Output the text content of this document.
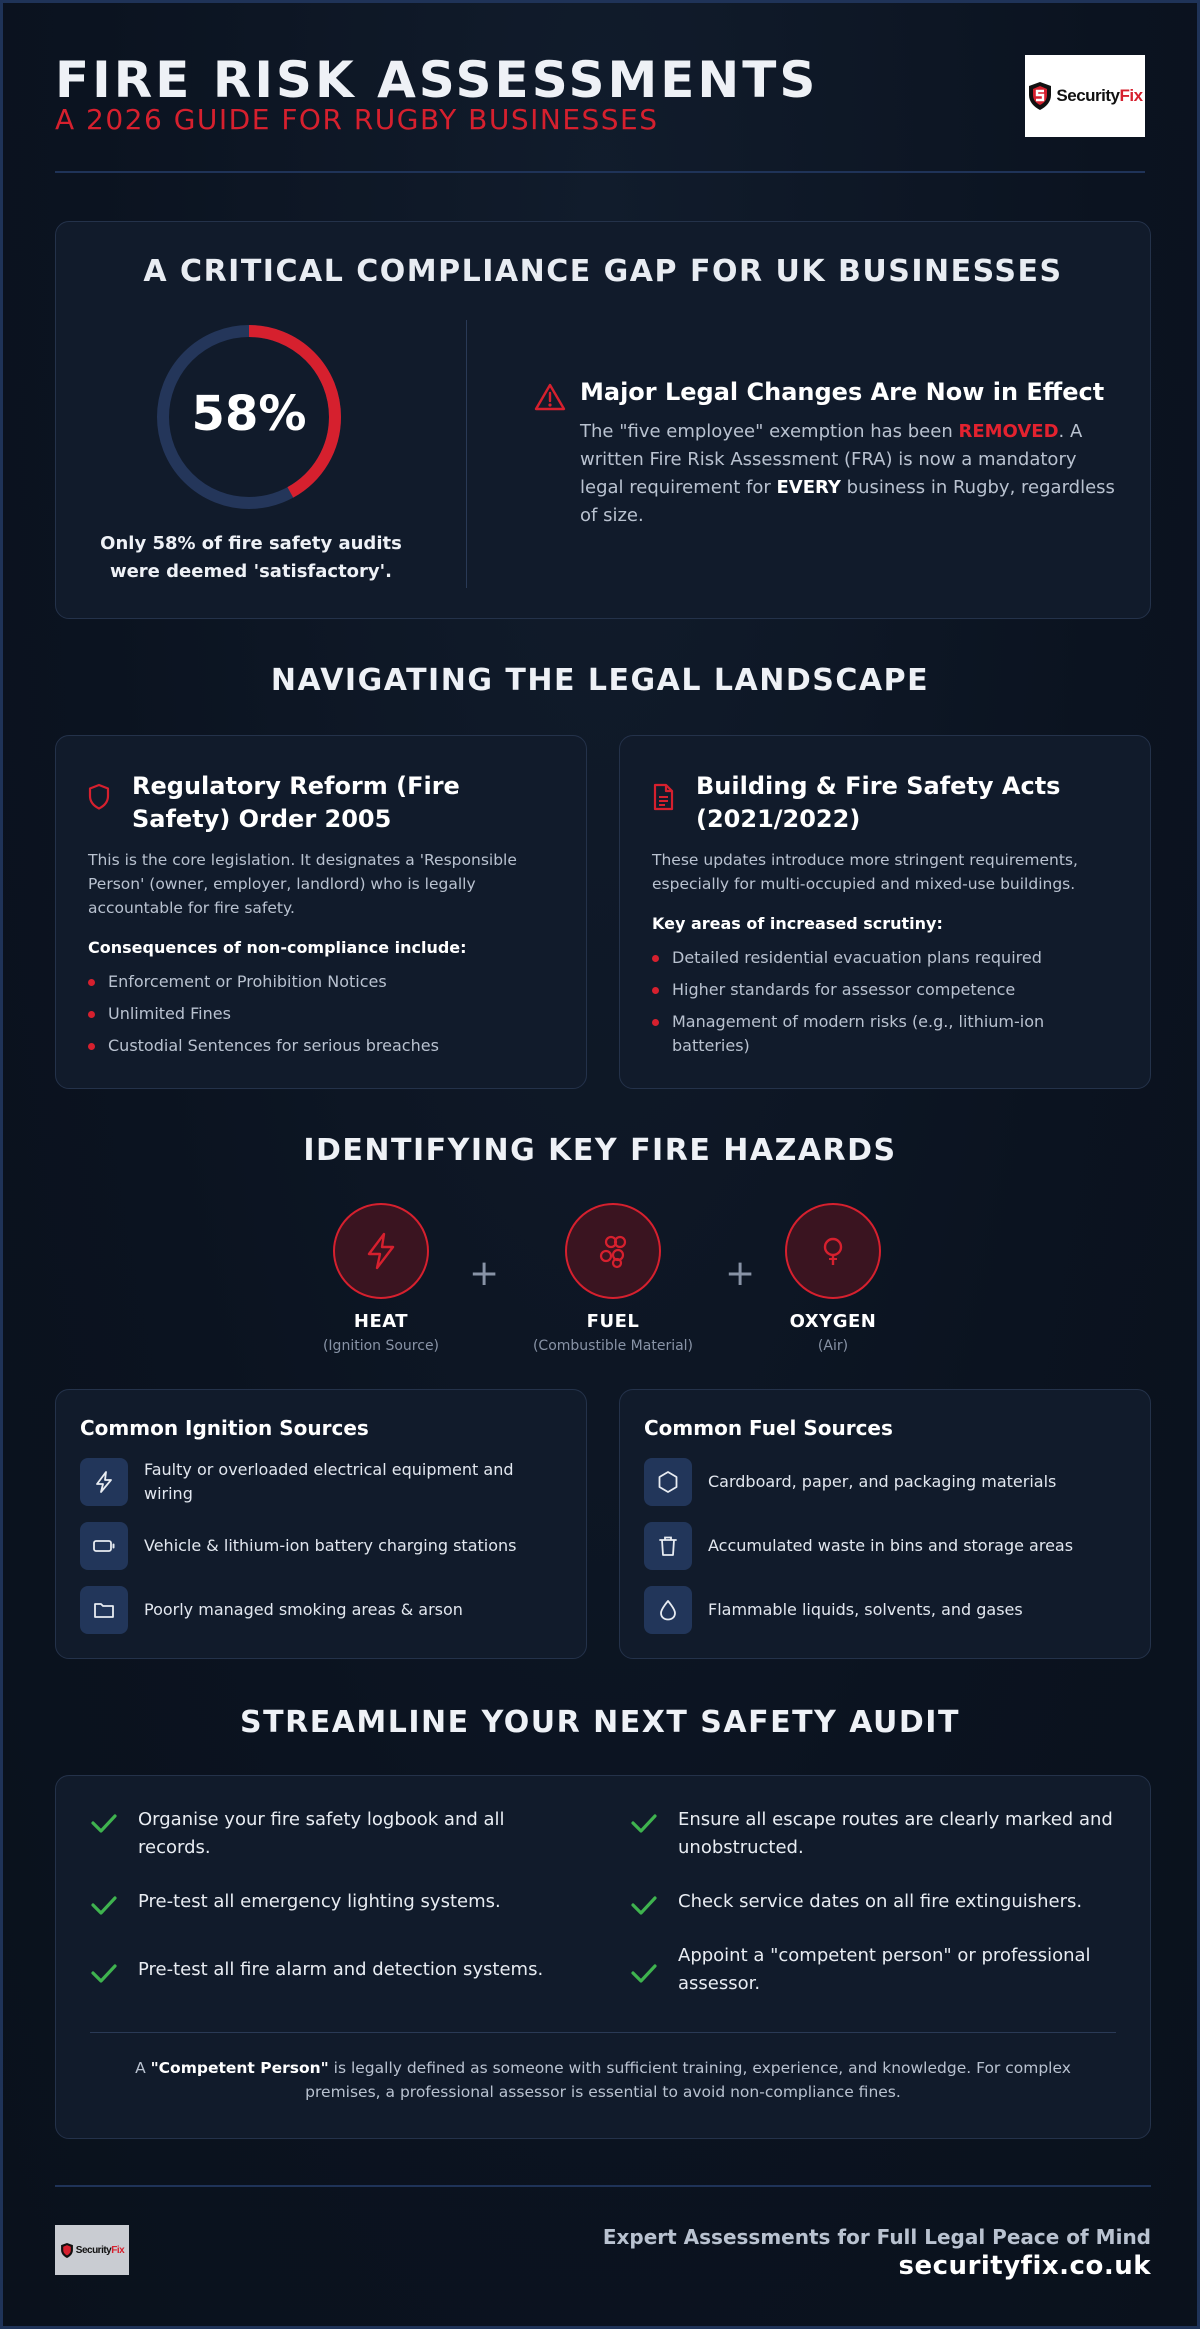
FIRE RISK ASSESSMENTS
A 2026 GUIDE FOR RUGBY BUSINESSES
SecurityFix
A CRITICAL COMPLIANCE GAP FOR UK BUSINESSES
58%
Only 58% of fire safety audits were deemed 'satisfactory'.
Major Legal Changes Are Now in Effect
The "five employee" exemption has been REMOVED. A written Fire Risk Assessment (FRA) is now a mandatory legal requirement for EVERY business in Rugby, regardless of size.
NAVIGATING THE LEGAL LANDSCAPE
Regulatory Reform (Fire Safety) Order 2005
This is the core legislation. It designates a 'Responsible Person' (owner, employer, landlord) who is legally accountable for fire safety.
Consequences of non-compliance include:
Enforcement or Prohibition Notices
Unlimited Fines
Custodial Sentences for serious breaches
Building & Fire Safety Acts (2021/2022)
These updates introduce more stringent requirements, especially for multi-occupied and mixed-use buildings.
Key areas of increased scrutiny:
Detailed residential evacuation plans required
Higher standards for assessor competence
Management of modern risks (e.g., lithium-ion batteries)
IDENTIFYING KEY FIRE HAZARDS
HEAT
(Ignition Source)
+
FUEL
(Combustible Material)
+
OXYGEN
(Air)
Common Ignition Sources
Faulty or overloaded electrical equipment and wiring
Vehicle & lithium-ion battery charging stations
Poorly managed smoking areas & arson
Common Fuel Sources
Cardboard, paper, and packaging materials
Accumulated waste in bins and storage areas
Flammable liquids, solvents, and gases
STREAMLINE YOUR NEXT SAFETY AUDIT
Organise your fire safety logbook and all records.
Pre-test all emergency lighting systems.
Pre-test all fire alarm and detection systems.
Ensure all escape routes are clearly marked and unobstructed.
Check service dates on all fire extinguishers.
Appoint a "competent person" or professional assessor.
A "Competent Person" is legally defined as someone with sufficient training, experience, and knowledge. For complex premises, a professional assessor is essential to avoid non-compliance fines.
SecurityFix
Expert Assessments for Full Legal Peace of Mind
securityfix.co.uk
